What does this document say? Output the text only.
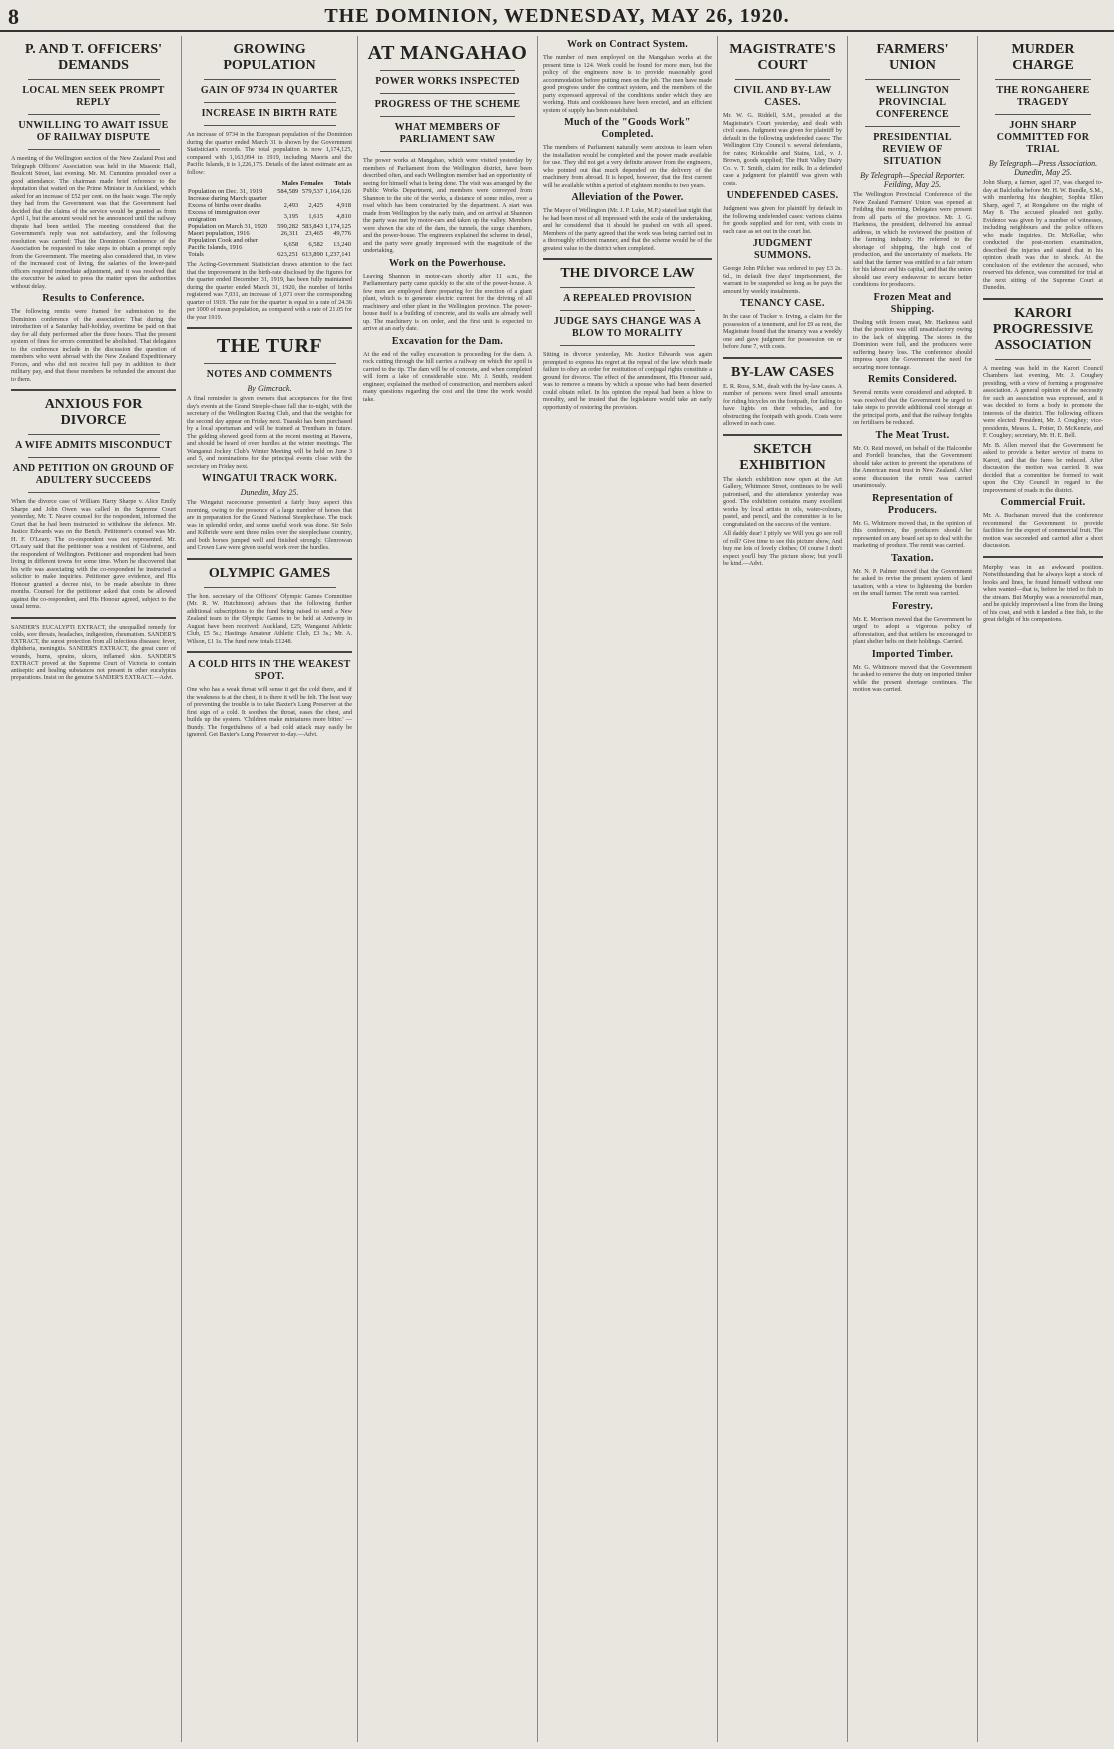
8	THE DOMINION, WEDNESDAY, MAY 26, 1920.
P. AND T. OFFICERS' DEMANDS
LOCAL MEN SEEK PROMPT REPLY
UNWILLING TO AWAIT ISSUE OF RAILWAY DISPUTE

A meeting of the Wellington section of the New Zealand Post and Telegraph Officers' Association was held in the Masonic Hall, Boulcott Street, last evening. Mr. M. Cummins presided over a good attendance. The chairman made brief reference to the deputation that waited on the Prime Minister in Auckland, which asked for an increase of £52 per cent. on the basic wage. The reply they had from the Government was that the Government had decided that the claims of the service would be granted as from April 1, but the amount would not be announced until the railway dispute had been settled. The meeting considered that the Government's reply was not satisfactory, and the following resolution was carried: That the Dominion Conference of the Association be requested to take steps to obtain a prompt reply from the Government. The meeting also considered that, in view of the increased cost of living, the salaries of the lower-paid officers required immediate adjustment, and it was resolved that the executive be asked to press the matter upon the authorities without delay.

Results to Conference.

The following remits were framed for submission to the Dominion conference of the association: That during the introduction of a Saturday half-holiday, overtime be paid on that day for all duty performed after the three hours. That the present system of fines for errors committed be abolished. That delegates to the conference include in the discussion the question of members who went abroad with the New Zealand Expeditionary Forces, and who did not receive full pay in addition to their military pay, and that these members be refunded the amount due to them.

ANXIOUS FOR DIVORCE
A WIFE ADMITS MISCONDUCT
AND PETITION ON GROUND OF ADULTERY SUCCEEDS

When the divorce case of William Harry Sharpe v. Alice Emily Sharpe and John Owen was called in the Supreme Court yesterday, Mr. T. Neave counsel for the respondent, informed the Court that he had been instructed to withdraw the defence. Mr. Justice Edwards was on the Bench. Petitioner's counsel was Mr. H. F. O'Leary. The co-respondent was not represented. Mr. O'Leary said that the petitioner was a resident of Gisborne, and the respondent of Wellington. Petitioner and respondent had been living in different towns for some time. When he discovered that his wife was associating with the co-respondent he instructed a solicitor to make inquiries. Petitioner gave evidence, and His Honour granted a decree nisi, to be made absolute in three months. Counsel for the petitioner asked that costs be allowed against the co-respondent, and His Honour agreed, subject to the usual terms.

SANDER'S EUCALYPTI EXTRACT, the unequalled remedy for colds, sore throats, headaches, indigestion, rheumatism. SANDER'S EXTRACT, the surest protection from all infectious diseases: fever, diphtheria, meningitis. SANDER'S EXTRACT, the great curer of wounds, burns, sprains, ulcers, inflamed skin. SANDER'S EXTRACT proved at the Supreme Court of Victoria to contain antiseptic and healing substances not present in other eucalyptus preparations. Insist on the genuine SANDER'S EXTRACT.—Advt.

GROWING POPULATION
GAIN OF 9734 IN QUARTER
INCREASE IN BIRTH RATE

An increase of 9734 in the European population of the Dominion during the quarter ended March 31 is shown by the Government Statistician's records. The total population is now 1,174,125, compared with 1,163,994 in 1919, including Maoris and the Pacific Islands, it is 1,226,175. Details of the latest estimate are as follow:

	Males	Females	Totals
Population on Dec. 31, 1919	584,589	579,537	1,164,126
Increase during March quarter			
Excess of births over deaths	2,493	2,425	4,918
Excess of immigration over emigration	3,195	1,615	4,810
Population on March 31, 1920	590,282	583,843	1,174,125
Maori population, 1916	26,311	23,465	49,776
Population Cook and other Pacific Islands, 1916	6,658	6,582	13,240
Totals	623,251	613,890	1,237,141

The Acting-Government Statistician draws attention to the fact that the improvement in the birth-rate disclosed by the figures for the quarter ended December 31, 1919, has been fully maintained during the quarter ended March 31, 1920, the number of births registered was 7,031, an increase of 1,071 over the corresponding quarter of 1919. The rate for the quarter is equal to a rate of 24.36 per 1000 of mean population, as compared with a rate of 21.05 for the year 1919.

THE TURF
NOTES AND COMMENTS
By Gimcrack.

A final reminder is given owners that acceptances for the first day's events at the Grand Steeple-chase fall due to-night, with the secretary of the Wellington Racing Club, and that the weights for the second day appear on Friday next. Tuaraki has been purchased by a local sportsman and will be trained at Trentham in future. The gelding showed good form at the recent meeting at Hawera, and should be heard of over hurdles at the winter meetings. The Wanganui Jockey Club's Winter Meeting will be held on June 3 and 5, and nominations for the principal events close with the secretary on Friday next.

WINGATUI TRACK WORK.
Dunedin, May 25.

The Wingatui racecourse presented a fairly busy aspect this morning, owing to the presence of a large number of horses that are in preparation for the Grand National Steeplechase. The track was in splendid order, and some useful work was done. Sir Solo and Kilbride were sent three miles over the steeplechase country, and both horses jumped well and finished strongly. Glenrowan and Crown Law were given useful work over the hurdles.

OLYMPIC GAMES

The hon. secretary of the Officers' Olympic Games Committee (Mr. R. W. Hutchinson) advises that the following further additional subscriptions to the fund being raised to send a New Zealand team to the Olympic Games to be held at Antwerp in August have been received: Auckland, £25; Wanganui Athletic Club, £5 5s.; Hastings Amateur Athletic Club, £3 3s.; Mr. A. Wilson, £1 1s. The fund now totals £1248.

A COLD HITS IN THE WEAKEST SPOT.

One who has a weak throat will sense it get the cold there, and if the weakness is at the chest, it is there it will be felt. The best way of preventing the trouble is to take Baxter's Lung Preserver at the first sign of a cold. It soothes the throat, eases the chest, and builds up the system. 'Children make miniatures more bitter.' —Bundy. The forgetfulness of a bad cold attack may easily be ignored. Get Baxter's Lung Preserver to-day.—Advt.

AT MANGAHAO
POWER WORKS INSPECTED
PROGRESS OF THE SCHEME
WHAT MEMBERS OF PARLIAMENT SAW

The power works at Mangahao, which were visited yesterday by members of Parliament from the Wellington district, have been described often, and each Wellington member had an opportunity of seeing for himself what is being done. The visit was arranged by the Public Works Department, and members were conveyed from Shannon to the site of the works, a distance of some miles, over a road which has been constructed by the department. A start was made from Wellington by the early train, and on arrival at Shannon the party was met by motor-cars and taken up the valley. Members were shown the site of the dam, the tunnels, the surge chambers, and the power-house. The engineers explained the scheme in detail, and the party were greatly impressed with the magnitude of the undertaking.

Work on the Powerhouse.

Leaving Shannon in motor-cars shortly after 11 a.m., the Parliamentary party came quickly to the site of the power-house. A few men are employed there preparing for the erection of a giant plant, which is to generate electric current for the driving of all machinery and other plant in the Wellington province. The power-house itself is a building of concrete, and its walls are already well up. The machinery is on order, and the first unit is expected to arrive at an early date.

Excavation for the Dam.

At the end of the valley excavation is proceeding for the dam. A rock cutting through the hill carries a railway on which the spoil is carried to the tip. The dam will be of concrete, and when completed will form a lake of considerable size. Mr. J. Smith, resident engineer, explained the method of construction, and members asked many questions regarding the cost and the time the work would take.

Work on Contract System.

The number of men employed on the Mangahao works at the present time is 124. Work could be found for more men, but the policy of the engineers now is to provide reasonably good accommodation before putting men on the job. The men have made good progress under the contract system, and the members of the party expressed approval of the conditions under which they are working. Huts and cookhouses have been erected, and an efficient system of supply has been established.

Much of the "Goods Work" Completed.

The members of Parliament naturally were anxious to learn when the installation would be completed and the power made available for use. They did not get a very definite answer from the engineers, who pointed out that much depended on the delivery of the machinery from abroad. It is hoped, however, that the first current will be available within a period of eighteen months to two years.

Alleviation of the Power.

The Mayor of Wellington (Mr. J. P. Luke, M.P.) stated last night that he had been most of all impressed with the scale of the undertaking, and he considered that it should be pushed on with all speed. Members of the party agreed that the work was being carried out in a thoroughly efficient manner, and that the scheme would be of the greatest value to the district when completed.

THE DIVORCE LAW
A REPEALED PROVISION
JUDGE SAYS CHANGE WAS A BLOW TO MORALITY

Sitting in divorce yesterday, Mr. Justice Edwards was again prompted to express his regret at the repeal of the law which made failure to obey an order for restitution of conjugal rights constitute a ground for divorce. The effect of the amendment, His Honour said, was to remove a means by which a spouse who had been deserted could obtain relief. In his opinion the repeal had been a blow to morality, and he trusted that the legislature would take an early opportunity of restoring the provision.

MAGISTRATE'S COURT
CIVIL AND BY-LAW CASES.

Mr. W. G. Riddell, S.M., presided at the Magistrate's Court yesterday, and dealt with civil cases. Judgment was given for plaintiff by default in the following undefended cases: The Wellington City Council v. several defendants, for rates; Kirkcaldie and Stains, Ltd., v. J. Brown, goods supplied; The Hutt Valley Dairy Co. v. T. Smith, claim for milk. In a defended case a judgment for plaintiff was given with costs.

UNDEFENDED CASES.

Judgment was given for plaintiff by default in the following undefended cases: various claims for goods supplied and for rent, with costs in each case as set out in the court list.

JUDGMENT SUMMONS.

George John Pilcher was ordered to pay £3 2s. 6d., in default five days' imprisonment, the warrant to be suspended so long as he pays the amount by weekly instalments.

TENANCY CASE.

In the case of Tucker v. Irving, a claim for the possession of a tenement, and for £9 as rent, the Magistrate found that the tenancy was a weekly one and gave judgment for possession on or before June 7, with costs.

BY-LAW CASES

E. R. Ross, S.M., dealt with the by-law cases. A number of persons were fined small amounts for riding bicycles on the footpath, for failing to have lights on their vehicles, and for obstructing the footpath with goods. Costs were allowed in each case.

SKETCH EXHIBITION

The sketch exhibition now open at the Art Gallery, Whitmore Street, continues to be well patronised, and the attendance yesterday was good. The exhibition contains many excellent works by local artists in oils, water-colours, pastel, and pencil, and the committee is to be congratulated on the success of the venture.

All daddy dear! I pityly we Will you go see roll of roll? Give time to see this picture show, And buy me lots of lovely clothes; Of course I don't expect you'll buy The picture show; but you'll be kind.—Advt.

FARMERS' UNION
WELLINGTON PROVINCIAL CONFERENCE
PRESIDENTIAL REVIEW OF SITUATION
By Telegraph—Special Reporter. Feilding, May 25.

The Wellington Provincial Conference of the New Zealand Farmers' Union was opened at Feilding this morning. Delegates were present from all parts of the province. Mr. J. G. Harkness, the president, delivered his annual address, in which he reviewed the position of the farming industry. He referred to the shortage of shipping, the high cost of production, and the uncertainty of markets. He said that the farmer was entitled to a fair return for his labour and his capital, and that the union should use every endeavour to secure better conditions for producers.

Frozen Meat and Shipping.

Dealing with frozen meat, Mr. Harkness said that the position was still unsatisfactory owing to the lack of shipping. The stores in the Dominion were full, and the producers were suffering heavy loss. The conference should impress upon the Government the need for securing more tonnage.

Remits Considered.

Several remits were considered and adopted. It was resolved that the Government be urged to take steps to provide additional cool storage at the principal ports, and that the railway freights on fertilisers be reduced.

The Meat Trust.

Mr. O. Reid moved, on behalf of the Halcombe and Fordell branches, that the Government should take action to prevent the operations of the American meat trust in New Zealand. After some discussion the remit was carried unanimously.

Representation of Producers.

Mr. G. Whitmore moved that, in the opinion of this conference, the producers should be represented on any board set up to deal with the marketing of produce. The remit was carried.

Taxation.

Mr. N. P. Palmer moved that the Government be asked to revise the present system of land taxation, with a view to lightening the burden on the small farmer. The remit was carried.

Forestry.

Mr. E. Morrison moved that the Government be urged to adopt a vigorous policy of afforestation, and that settlers be encouraged to plant shelter belts on their holdings. Carried.

Imported Timber.

Mr. G. Whitmore moved that the Government be asked to remove the duty on imported timber while the present shortage continues. The motion was carried.

MURDER CHARGE
THE RONGAHERE TRAGEDY
JOHN SHARP COMMITTED FOR TRIAL
By Telegraph—Press Association. Dunedin, May 25.

John Sharp, a farmer, aged 37, was charged to-day at Balclutha before Mr. H. W. Bundle, S.M., with murdering his daughter, Sophia Ellen Sharp, aged 7, at Rongahere on the night of May 8. The accused pleaded not guilty. Evidence was given by a number of witnesses, including neighbours and the police officers who made inquiries. Dr. McKellar, who conducted the post-mortem examination, described the injuries and stated that in his opinion death was due to shock. At the conclusion of the evidence the accused, who reserved his defence, was committed for trial at the next sitting of the Supreme Court at Dunedin.

KARORI PROGRESSIVE ASSOCIATION

A meeting was held in the Karori Council Chambers last evening, Mr. J. Coughey presiding, with a view of forming a progressive association. A general opinion of the necessity for such an association was expressed, and it was decided to form a body to promote the interests of the district. The following officers were elected: President, Mr. J. Coughey; vice-presidents, Messrs. L. Potter, D. McKenzie, and F. Coughey; secretary, Mr. H. E. Bell.

Mr. B. Allen moved that the Government be asked to provide a better service of trams to Karori, and that the fares be reduced. After discussion the motion was carried. It was decided that a committee be formed to wait upon the City Council in regard to the improvement of roads in the district.

Commercial Fruit.

Mr. A. Buchanan moved that the conference recommend the Government to provide facilities for the export of commercial fruit. The motion was seconded and carried after a short discussion.

Murphy was in an awkward position. Notwithstanding that he always kept a stock of hooks and lines, he found himself without one when wanted—that is, before he tried to fish in the stream. But Murphy was a resourceful man, and he quickly improvised a line from the lining of his coat, and with it landed a fine fish, to the great delight of his companions.
